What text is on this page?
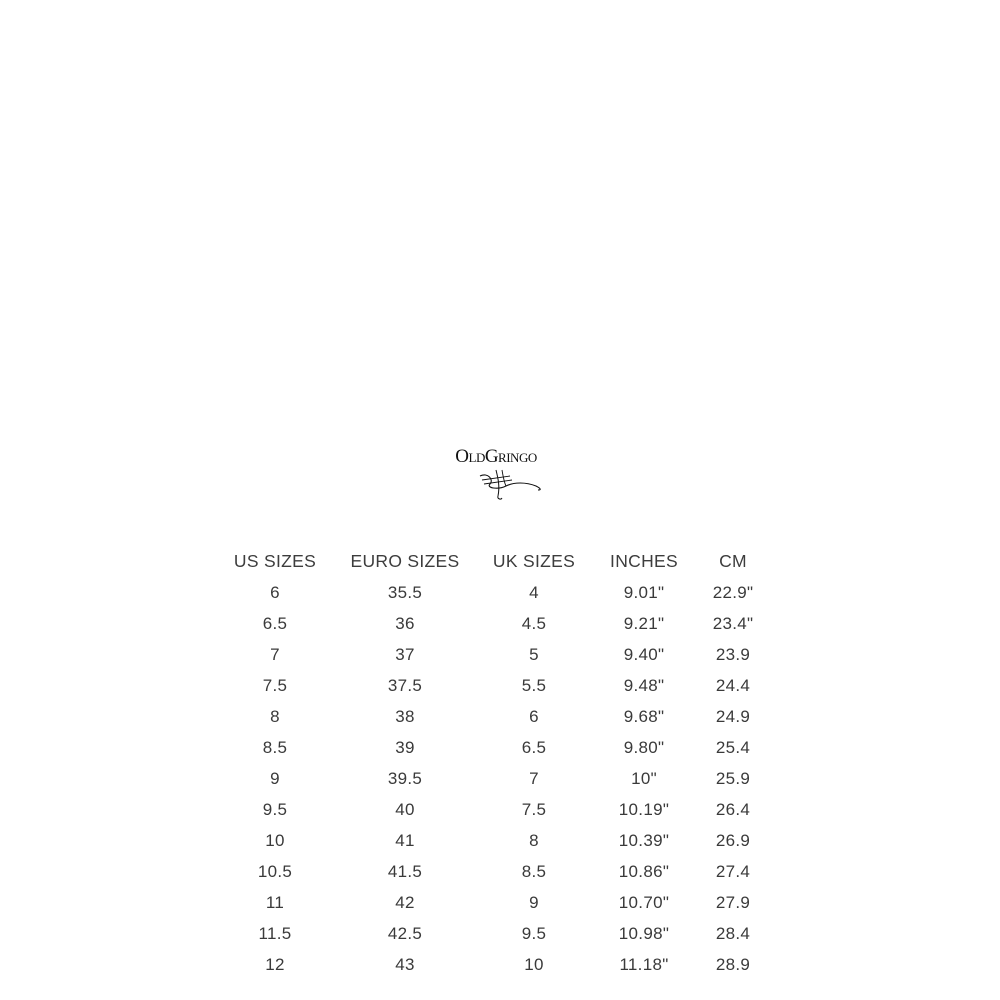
OldGringo
US SIZES	EURO SIZES	UK SIZES	INCHES	CM
6	35.5	4	9.01"	22.9"
6.5	36	4.5	9.21"	23.4"
7	37	5	9.40"	23.9
7.5	37.5	5.5	9.48"	24.4
8	38	6	9.68"	24.9
8.5	39	6.5	9.80"	25.4
9	39.5	7	10"	25.9
9.5	40	7.5	10.19"	26.4
10	41	8	10.39"	26.9
10.5	41.5	8.5	10.86"	27.4
11	42	9	10.70"	27.9
11.5	42.5	9.5	10.98"	28.4
12	43	10	11.18"	28.9
